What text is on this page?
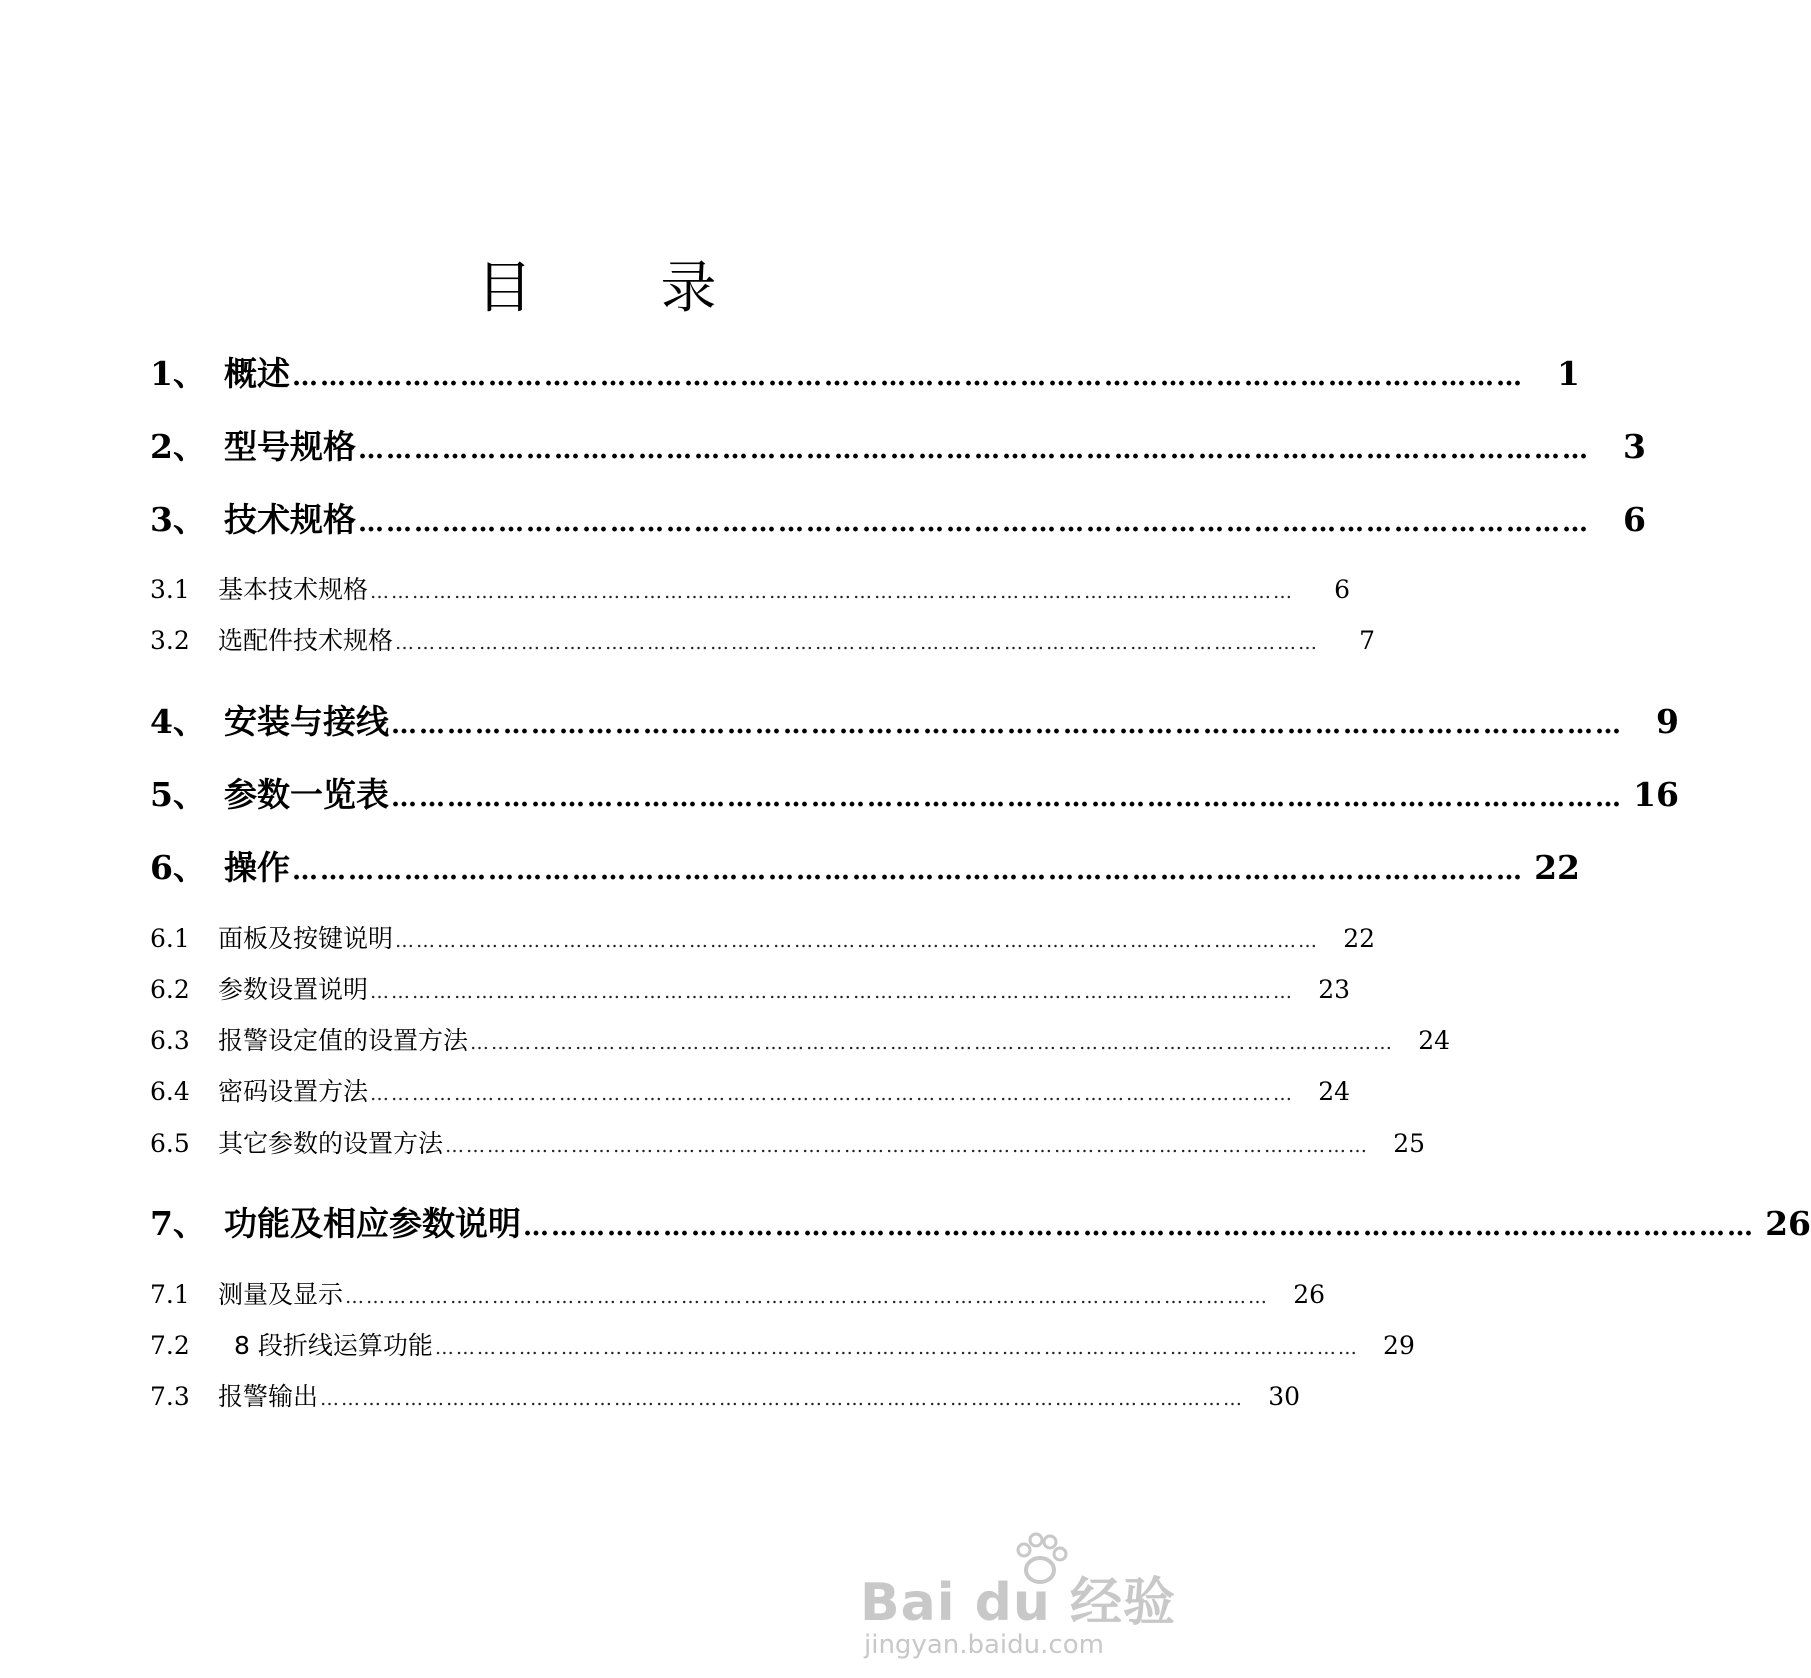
目 录
1、 概述 ……………………………………………………………………………………………………………………	1
2、 型号规格 ……………………………………………………………………………………………………………………	3
3、 技术规格 ……………………………………………………………………………………………………………………	6
3.1	基本技术规格 ……………………………………………………………………………………………………………………	6
3.2	选配件技术规格 ……………………………………………………………………………………………………………………	7
4、 安装与接线 ……………………………………………………………………………………………………………………	9
5、 参数一览表 …………………………………………………………………………………………………………………… 16
6、 操作 …………………………………………………………………………………………………………………… 22
6.1	面板及按键说明 …………………………………………………………………………………………………………………… 22
6.2	参数设置说明 …………………………………………………………………………………………………………………… 23
6.3	报警设定值的设置方法 …………………………………………………………………………………………………………………… 24
6.4	密码设置方法 …………………………………………………………………………………………………………………… 24
6.5	其它参数的设置方法 …………………………………………………………………………………………………………………… 25
7、 功能及相应参数说明 …………………………………………………………………………………………………………………… 26
7.1	测量及显示 …………………………………………………………………………………………………………………… 26
7.2	8 段折线运算功能 …………………………………………………………………………………………………………………… 29
7.3	报警输出 …………………………………………………………………………………………………………………… 30
Bai du 经验
jingyan.baidu.com
